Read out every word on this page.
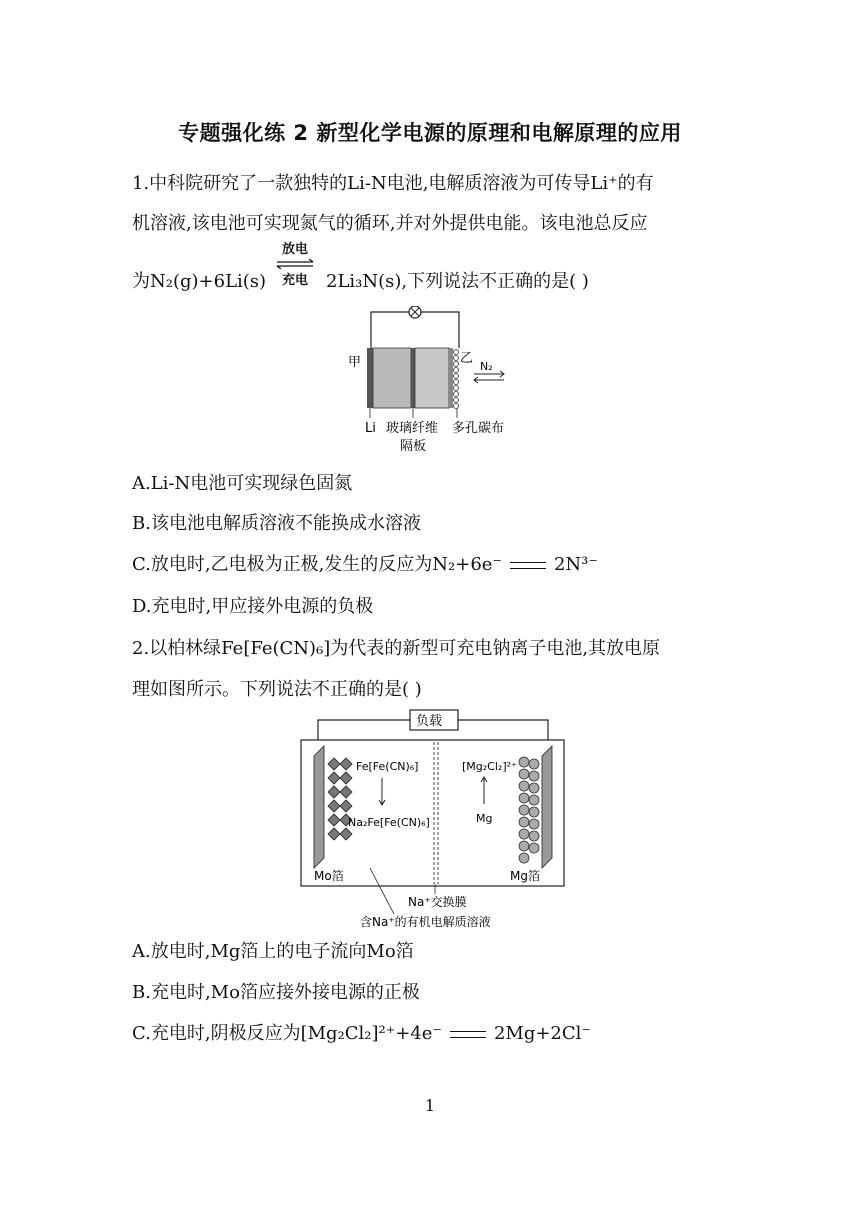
专题强化练 2 新型化学电源的原理和电解原理的应用
1.中科院研究了一款独特的Li-N电池,电解质溶液为可传导Li⁺的有
机溶液,该电池可实现氮气的循环,并对外提供电能。该电池总反应
为N₂(g)+6Li(s)
放电
充电	2Li₃N(s),下列说法不正确的是( )
甲	乙
N₂
Li 玻璃纤维
隔板
多孔碳布
A.Li-N电池可实现绿色固氮
B.该电池电解质溶液不能换成水溶液
C.放电时,乙电极为正极,发生的反应为N₂+6e⁻	2N³⁻
D.充电时,甲应接外电源的负极
2.以柏林绿Fe[Fe(CN)₆]为代表的新型可充电钠离子电池,其放电原
理如图所示。下列说法不正确的是( )
负载
Fe[Fe(CN)₆]
Na₂Fe[Fe(CN)₆]
[Mg₂Cl₂]²⁺
Mg
Mo箔	Mg箔
Na⁺交换膜
含Na⁺的有机电解质溶液
A.放电时,Mg箔上的电子流向Mo箔
B.充电时,Mo箔应接外接电源的正极
C.充电时,阴极反应为[Mg₂Cl₂]²⁺+4e⁻	2Mg+2Cl⁻
1
